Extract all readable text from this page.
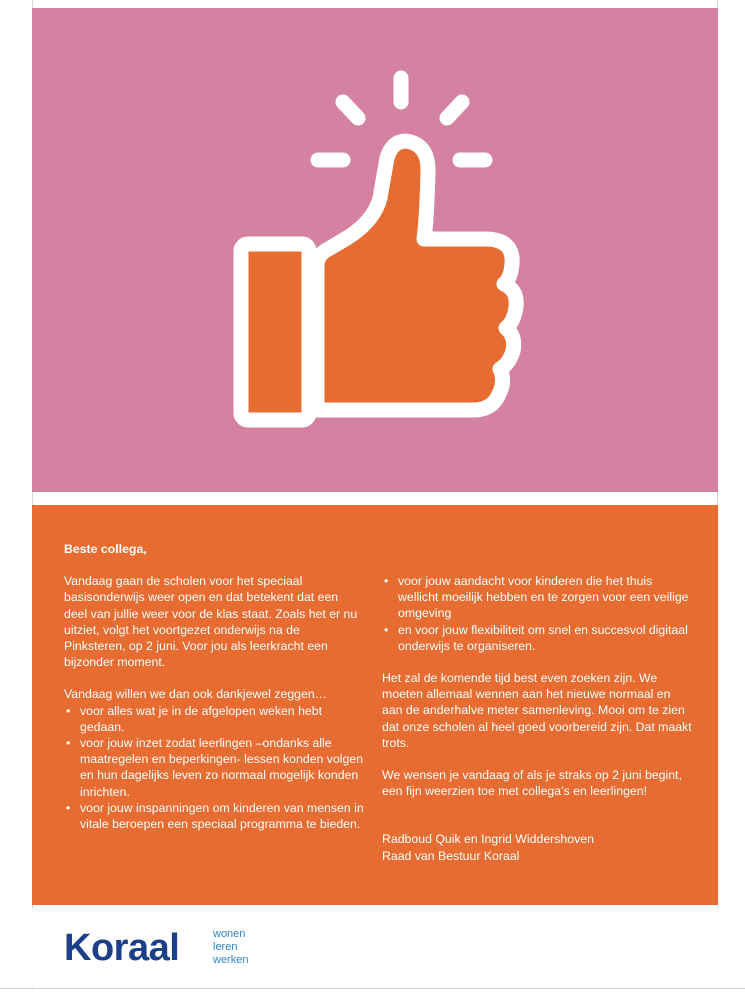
Beste collega,

Vandaag gaan de scholen voor het speciaal basisonderwijs weer open en dat betekent dat een deel van jullie weer voor de klas staat. Zoals het er nu uitziet, volgt het voortgezet onderwijs na de Pinksteren, op 2 juni. Voor jou als leerkracht een bijzonder moment.

Vandaag willen we dan ook dankjewel zeggen…

• voor alles wat je in de afgelopen weken hebt gedaan.
• voor jouw inzet zodat leerlingen –ondanks alle maatregelen en beperkingen- lessen konden volgen en hun dagelijks leven zo normaal mogelijk konden inrichten.
• voor jouw inspanningen om kinderen van mensen in vitale beroepen een speciaal programma te bieden.
• voor jouw aandacht voor kinderen die het thuis wellicht moeilijk hebben en te zorgen voor een veilige omgeving
• en voor jouw flexibiliteit om snel en succesvol digitaal onderwijs te organiseren.

Het zal de komende tijd best even zoeken zijn. We moeten allemaal wennen aan het nieuwe normaal en aan de anderhalve meter samenleving. Mooi om te zien dat onze scholen al heel goed voorbereid zijn. Dat maakt trots.

We wensen je vandaag of als je straks op 2 juni begint, een fijn weerzien toe met collega’s en leerlingen!

Radboud Quik en Ingrid Widdershoven

Raad van Bestuur Koraal

Koraal	wonen
leren
werken
